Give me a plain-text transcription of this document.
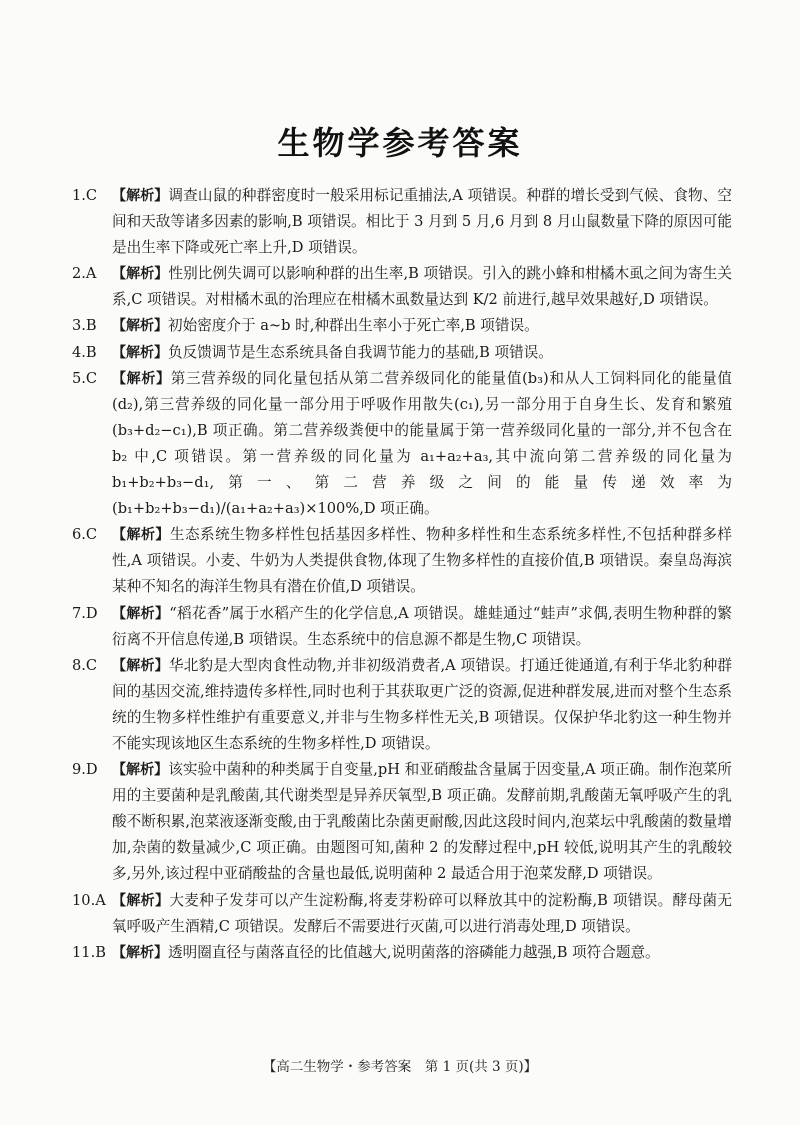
生物学参考答案
1.C 【解析】调查山鼠的种群密度时一般采用标记重捕法,A 项错误。种群的增长受到气候、食物、空间和天敌等诸多因素的影响,B 项错误。相比于 3 月到 5 月,6 月到 8 月山鼠数量下降的原因可能是出生率下降或死亡率上升,D 项错误。
2.A 【解析】性别比例失调可以影响种群的出生率,B 项错误。引入的跳小蜂和柑橘木虱之间为寄生关系,C 项错误。对柑橘木虱的治理应在柑橘木虱数量达到 K/2 前进行,越早效果越好,D 项错误。
3.B 【解析】初始密度介于 a~b 时,种群出生率小于死亡率,B 项错误。
4.B 【解析】负反馈调节是生态系统具备自我调节能力的基础,B 项错误。
5.C 【解析】第三营养级的同化量包括从第二营养级同化的能量值(b₃)和从人工饲料同化的能量值(d₂),第三营养级的同化量一部分用于呼吸作用散失(c₁),另一部分用于自身生长、发育和繁殖(b₃+d₂−c₁),B 项正确。第二营养级粪便中的能量属于第一营养级同化量的一部分,并不包含在 b₂ 中,C 项错误。第一营养级的同化量为 a₁+a₂+a₃,其中流向第二营养级的同化量为 b₁+b₂+b₃−d₁,第一、第二营养级之间的能量传递效率为(b₁+b₂+b₃−d₁)/(a₁+a₂+a₃)×100%,D 项正确。
6.C 【解析】生态系统生物多样性包括基因多样性、物种多样性和生态系统多样性,不包括种群多样性,A 项错误。小麦、牛奶为人类提供食物,体现了生物多样性的直接价值,B 项错误。秦皇岛海滨某种不知名的海洋生物具有潜在价值,D 项错误。
7.D 【解析】“稻花香”属于水稻产生的化学信息,A 项错误。雄蛙通过“蛙声”求偶,表明生物种群的繁衍离不开信息传递,B 项错误。生态系统中的信息源不都是生物,C 项错误。
8.C 【解析】华北豹是大型肉食性动物,并非初级消费者,A 项错误。打通迁徙通道,有利于华北豹种群间的基因交流,维持遗传多样性,同时也利于其获取更广泛的资源,促进种群发展,进而对整个生态系统的生物多样性维护有重要意义,并非与生物多样性无关,B 项错误。仅保护华北豹这一种生物并不能实现该地区生态系统的生物多样性,D 项错误。
9.D 【解析】该实验中菌种的种类属于自变量,pH 和亚硝酸盐含量属于因变量,A 项正确。制作泡菜所用的主要菌种是乳酸菌,其代谢类型是异养厌氧型,B 项正确。发酵前期,乳酸菌无氧呼吸产生的乳酸不断积累,泡菜液逐渐变酸,由于乳酸菌比杂菌更耐酸,因此这段时间内,泡菜坛中乳酸菌的数量增加,杂菌的数量减少,C 项正确。由题图可知,菌种 2 的发酵过程中,pH 较低,说明其产生的乳酸较多,另外,该过程中亚硝酸盐的含量也最低,说明菌种 2 最适合用于泡菜发酵,D 项错误。
10.A 【解析】大麦种子发芽可以产生淀粉酶,将麦芽粉碎可以释放其中的淀粉酶,B 项错误。酵母菌无氧呼吸产生酒精,C 项错误。发酵后不需要进行灭菌,可以进行消毒处理,D 项错误。
11.B 【解析】透明圈直径与菌落直径的比值越大,说明菌落的溶磷能力越强,B 项符合题意。
【高二生物学・参考答案　第 1 页(共 3 页)】
